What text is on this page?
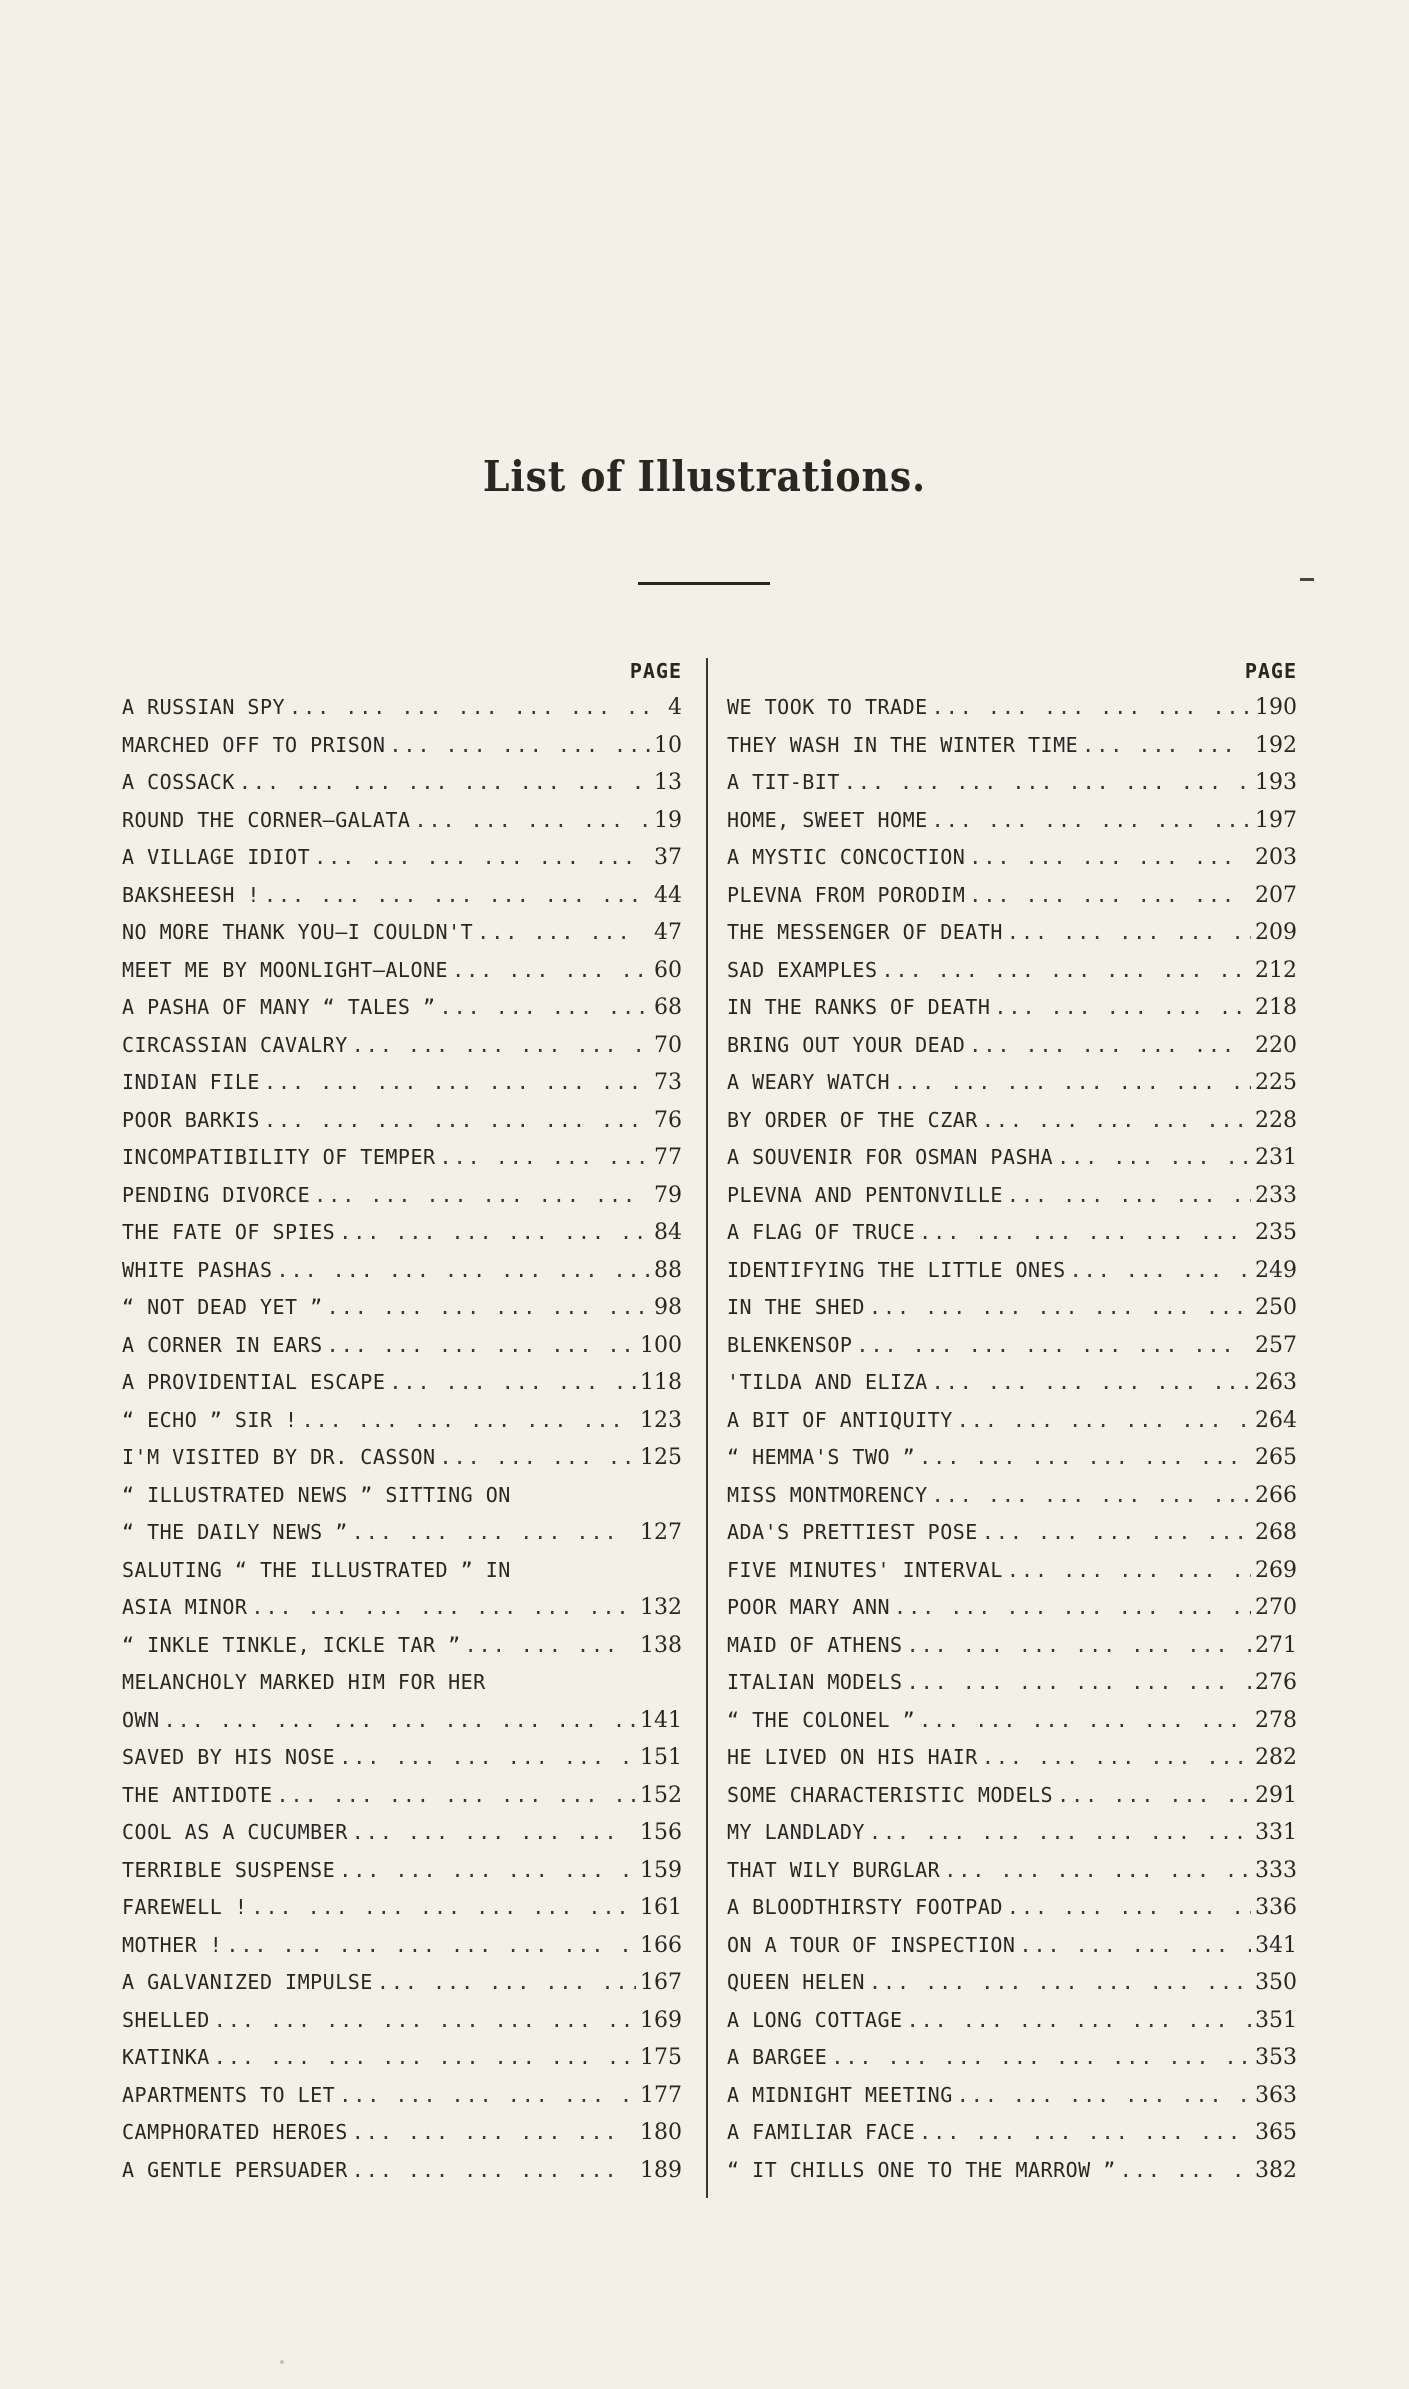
List of Illustrations.
PAGE
A RUSSIAN SPY ...	4
MARCHED OFF TO PRISON ...	10
A COSSACK ...	13
ROUND THE CORNER—GALATA ...	19
A VILLAGE IDIOT ...	37
BAKSHEESH ! ...	44
NO MORE THANK YOU—I COULDN'T ...	47
MEET ME BY MOONLIGHT—ALONE ...	60
A PASHA OF MANY “ TALES ” ...	68
CIRCASSIAN CAVALRY ...	70
INDIAN FILE ...	73
POOR BARKIS ...	76
INCOMPATIBILITY OF TEMPER ...	77
PENDING DIVORCE ...	79
THE FATE OF SPIES ...	84
WHITE PASHAS ...	88
“ NOT DEAD YET ” ...	98
A CORNER IN EARS ...	100
A PROVIDENTIAL ESCAPE ...	118
“ ECHO ” SIR ! ...	123
I'M VISITED BY DR. CASSON ...	125
“ ILLUSTRATED NEWS ” SITTING ON
“ THE DAILY NEWS ” ...	127
SALUTING “ THE ILLUSTRATED ” IN
ASIA MINOR ...	132
“ INKLE TINKLE, ICKLE TAR ” ...	138
MELANCHOLY MARKED HIM FOR HER
OWN ...	141
SAVED BY HIS NOSE ...	151
THE ANTIDOTE ...	152
COOL AS A CUCUMBER ...	156
TERRIBLE SUSPENSE ...	159
FAREWELL ! ...	161
MOTHER ! ...	166
A GALVANIZED IMPULSE ...	167
SHELLED ...	169
KATINKA ...	175
APARTMENTS TO LET ...	177
CAMPHORATED HEROES ...	180
A GENTLE PERSUADER ...	189
PAGE
WE TOOK TO TRADE ...	190
THEY WASH IN THE WINTER TIME ...	192
A TIT-BIT ...	193
HOME, SWEET HOME ...	197
A MYSTIC CONCOCTION ...	203
PLEVNA FROM PORODIM ...	207
THE MESSENGER OF DEATH ...	209
SAD EXAMPLES ...	212
IN THE RANKS OF DEATH ...	218
BRING OUT YOUR DEAD ...	220
A WEARY WATCH ...	225
BY ORDER OF THE CZAR ...	228
A SOUVENIR FOR OSMAN PASHA ...	231
PLEVNA AND PENTONVILLE ...	233
A FLAG OF TRUCE ...	235
IDENTIFYING THE LITTLE ONES ...	249
IN THE SHED ...	250
BLENKENSOP ...	257
'TILDA AND ELIZA ...	263
A BIT OF ANTIQUITY ...	264
“ HEMMA'S TWO ” ...	265
MISS MONTMORENCY ...	266
ADA'S PRETTIEST POSE ...	268
FIVE MINUTES' INTERVAL ...	269
POOR MARY ANN ...	270
MAID OF ATHENS ...	271
ITALIAN MODELS ...	276
“ THE COLONEL ” ...	278
HE LIVED ON HIS HAIR ...	282
SOME CHARACTERISTIC MODELS ...	291
MY LANDLADY ...	331
THAT WILY BURGLAR ...	333
A BLOODTHIRSTY FOOTPAD ...	336
ON A TOUR OF INSPECTION ...	341
QUEEN HELEN ...	350
A LONG COTTAGE ...	351
A BARGEE ...	353
A MIDNIGHT MEETING ...	363
A FAMILIAR FACE ...	365
“ IT CHILLS ONE TO THE MARROW ” ...	382
